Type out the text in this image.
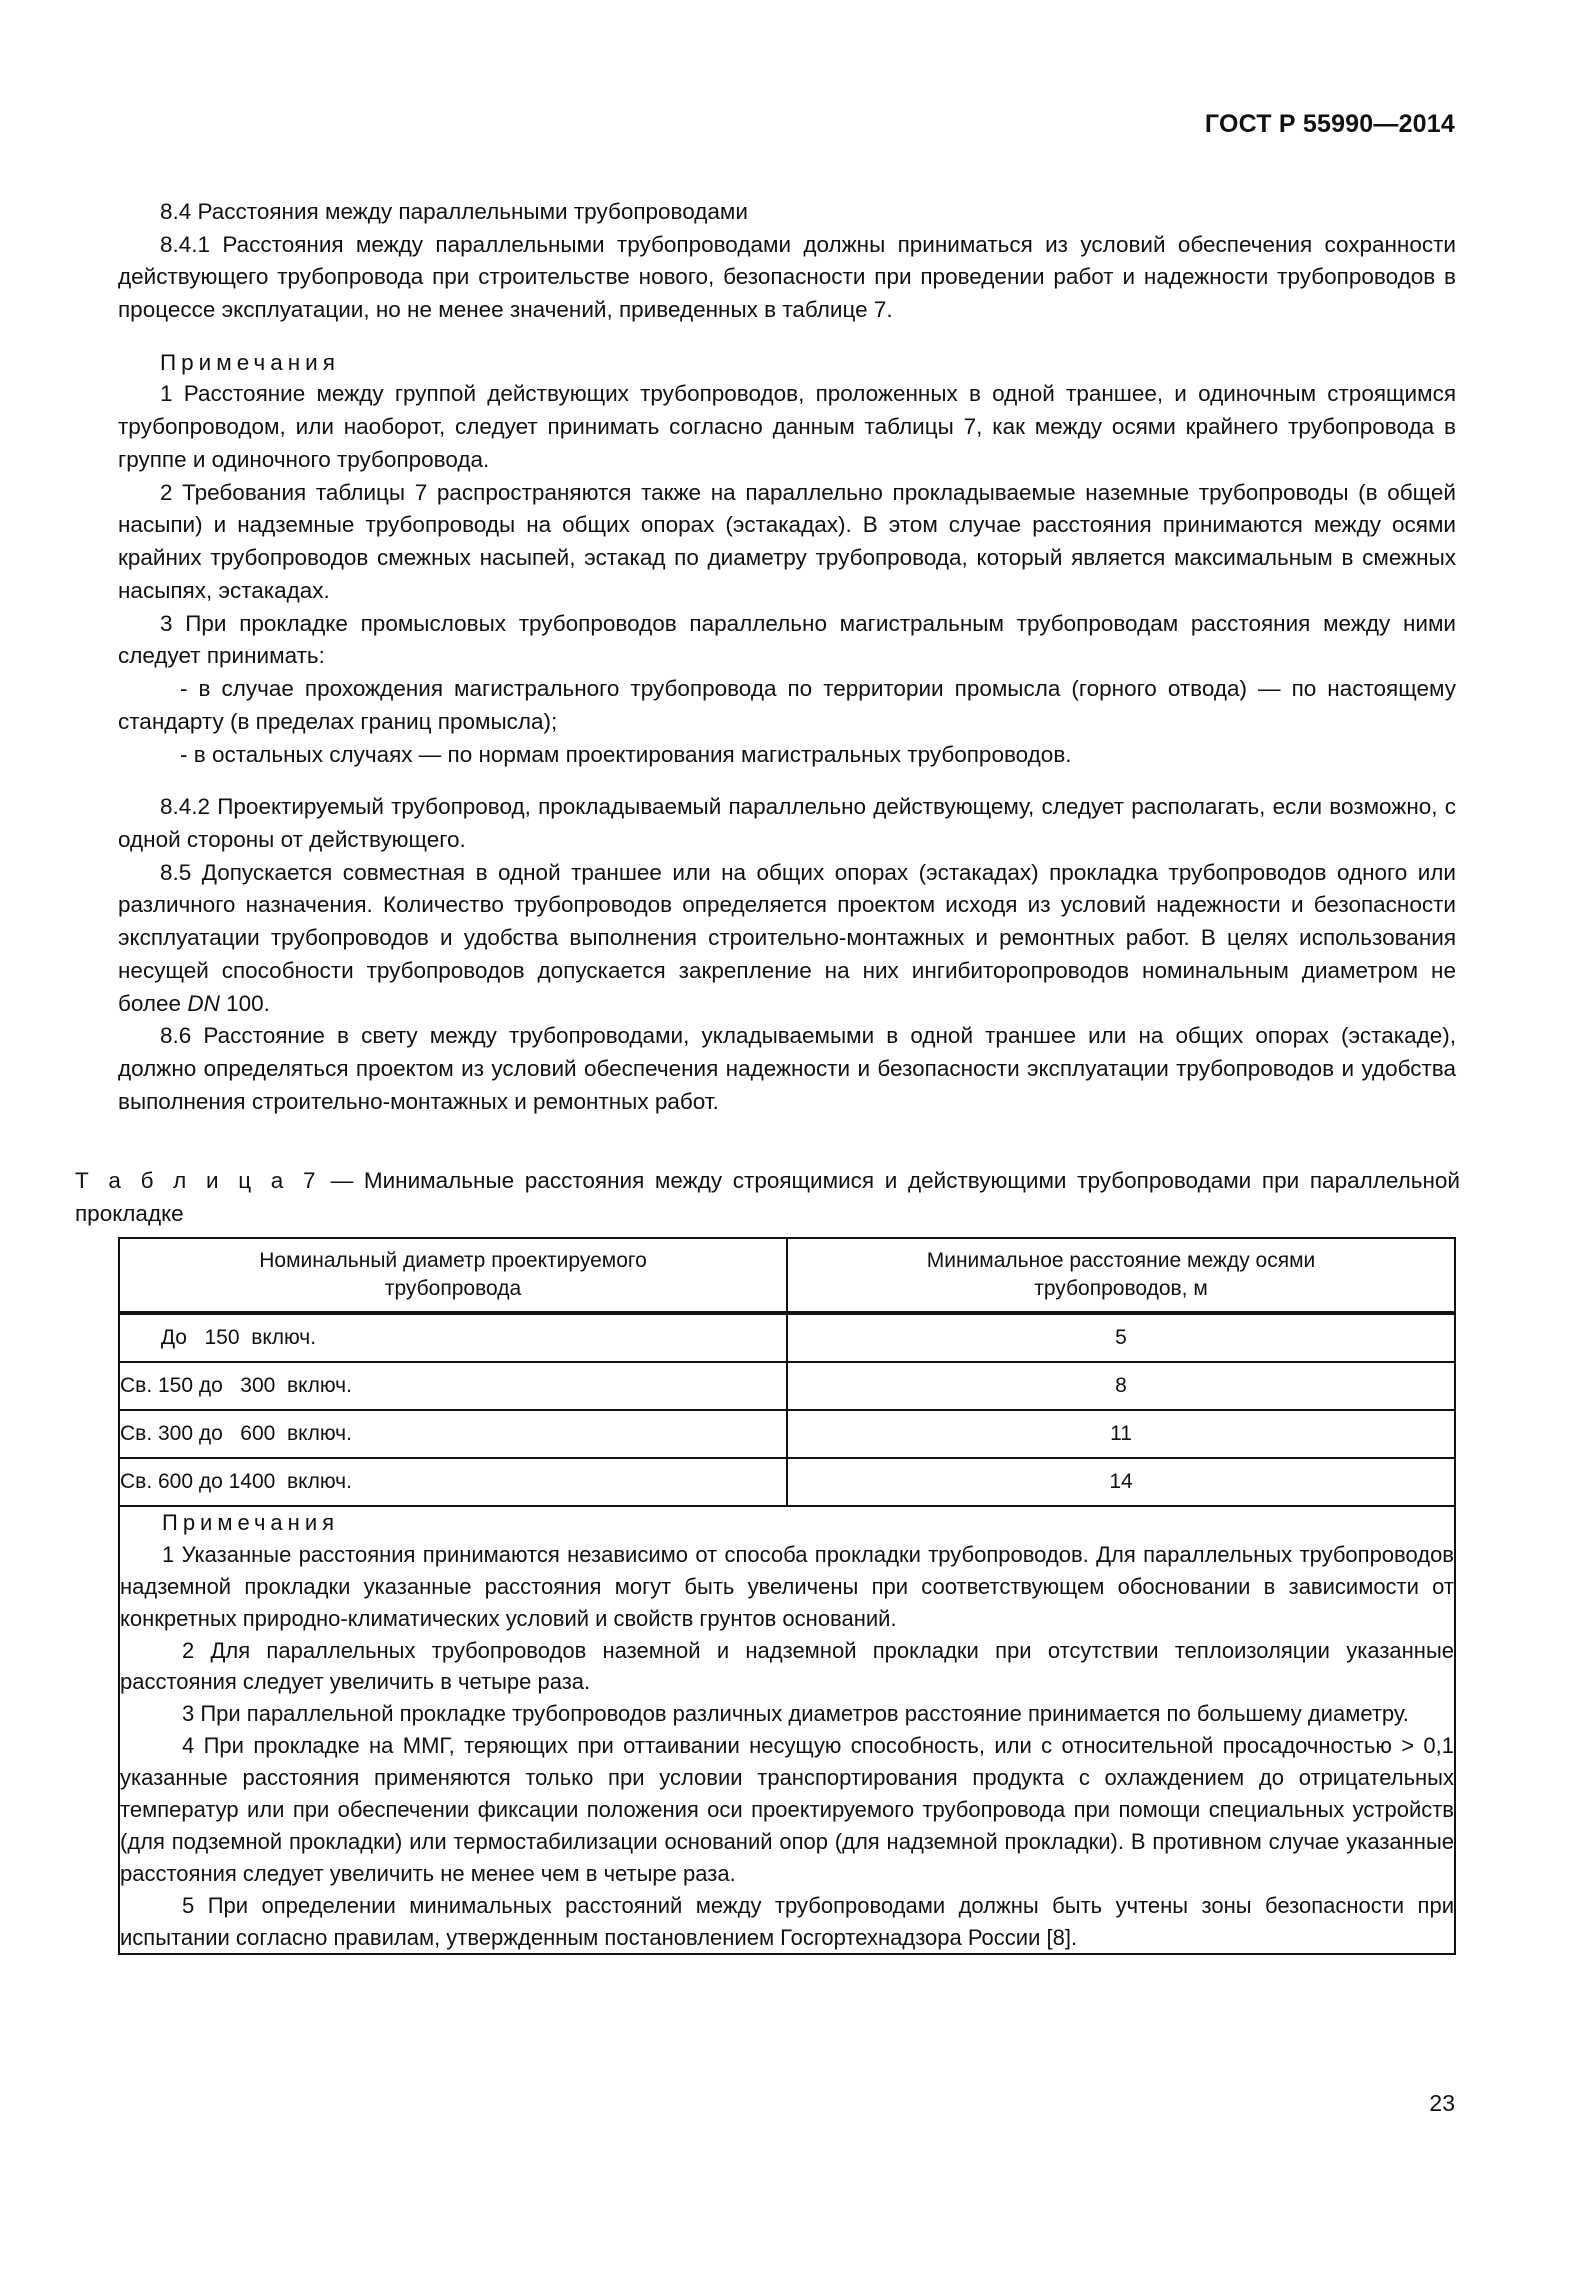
ГОСТ Р 55990—2014

8.4 Расстояния между параллельными трубопроводами

8.4.1 Расстояния между параллельными трубопроводами должны приниматься из условий обеспечения сохранности действующего трубопровода при строительстве нового, безопасности при проведении работ и надежности трубопроводов в процессе эксплуатации, но не менее значений, приведенных в таблице 7.

Примечания

1 Расстояние между группой действующих трубопроводов, проложенных в одной траншее, и одиночным строящимся трубопроводом, или наоборот, следует принимать согласно данным таблицы 7, как между осями крайнего трубопровода в группе и одиночного трубопровода.

2 Требования таблицы 7 распространяются также на параллельно прокладываемые наземные трубопроводы (в общей насыпи) и надземные трубопроводы на общих опорах (эстакадах). В этом случае расстояния принимаются между осями крайних трубопроводов смежных насыпей, эстакад по диаметру трубопровода, который является максимальным в смежных насыпях, эстакадах.

3 При прокладке промысловых трубопроводов параллельно магистральным трубопроводам расстояния между ними следует принимать:

- в случае прохождения магистрального трубопровода по территории промысла (горного отвода) — по настоящему стандарту (в пределах границ промысла);

- в остальных случаях — по нормам проектирования магистральных трубопроводов.

8.4.2 Проектируемый трубопровод, прокладываемый параллельно действующему, следует располагать, если возможно, с одной стороны от действующего.

8.5 Допускается совместная в одной траншее или на общих опорах (эстакадах) прокладка трубопроводов одного или различного назначения. Количество трубопроводов определяется проектом исходя из условий надежности и безопасности эксплуатации трубопроводов и удобства выполнения строительно-монтажных и ремонтных работ. В целях использования несущей способности трубопроводов допускается закрепление на них ингибиторопроводов номинальным диаметром не более DN 100.

8.6 Расстояние в свету между трубопроводами, укладываемыми в одной траншее или на общих опорах (эстакаде), должно определяться проектом из условий обеспечения надежности и безопасности эксплуатации трубопроводов и удобства выполнения строительно-монтажных и ремонтных работ.

Т а б л и ц а 7 — Минимальные расстояния между строящимися и действующими трубопроводами при параллельной прокладке
Номинальный диаметр проектируемого
трубопровода	Минимальное расстояние между осями
трубопроводов, м

До   150  включ.	5
Св. 150 до   300  включ.	8
Св. 300 до   600  включ.	11
Св. 600 до 1400  включ.	14

Примечания

1 Указанные расстояния принимаются независимо от способа прокладки трубопроводов. Для параллельных трубопроводов надземной прокладки указанные расстояния могут быть увеличены при соответствующем обосновании в зависимости от конкретных природно-климатических условий и свойств грунтов оснований.

2 Для параллельных трубопроводов наземной и надземной прокладки при отсутствии теплоизоляции указанные расстояния следует увеличить в четыре раза.

3 При параллельной прокладке трубопроводов различных диаметров расстояние принимается по большему диаметру.

4 При прокладке на ММГ, теряющих при оттаивании несущую способность, или с относительной просадочностью > 0,1 указанные расстояния применяются только при условии транспортирования продукта с охлаждением до отрицательных температур или при обеспечении фиксации положения оси проектируемого трубопровода при помощи специальных устройств (для подземной прокладки) или термостабилизации оснований опор (для надземной прокладки). В противном случае указанные расстояния следует увеличить не менее чем в четыре раза.

5 При определении минимальных расстояний между трубопроводами должны быть учтены зоны безопасности при испытании согласно правилам, утвержденным постановлением Госгортехнадзора России [8].

23
